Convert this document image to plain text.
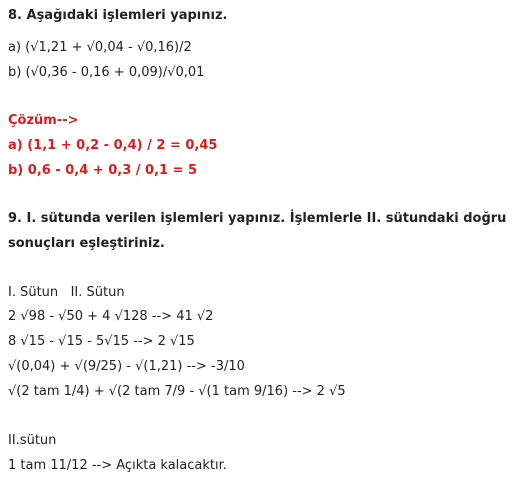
8. Aşağıdaki işlemleri yapınız.
a) (√1,21 + √0,04 - √0,16)/2
b) (√0,36 - 0,16 + 0,09)/√0,01
Çözüm-->
a) (1,1 + 0,2 - 0,4) / 2 = 0,45
b) 0,6 - 0,4 + 0,3 / 0,1 = 5
9. I. sütunda verilen işlemleri yapınız. İşlemlerle II. sütundaki doğru
sonuçları eşleştiriniz.
I. Sütun   II. Sütun
2 √98 - √50 + 4 √128 --> 41 √2
8 √15 - √15 - 5√15 --> 2 √15
√(0,04) + √(9/25) - √(1,21) --> -3/10
√(2 tam 1/4) + √(2 tam 7/9 - √(1 tam 9/16) --> 2 √5
II.sütun
1 tam 11/12 --> Açıkta kalacaktır.
